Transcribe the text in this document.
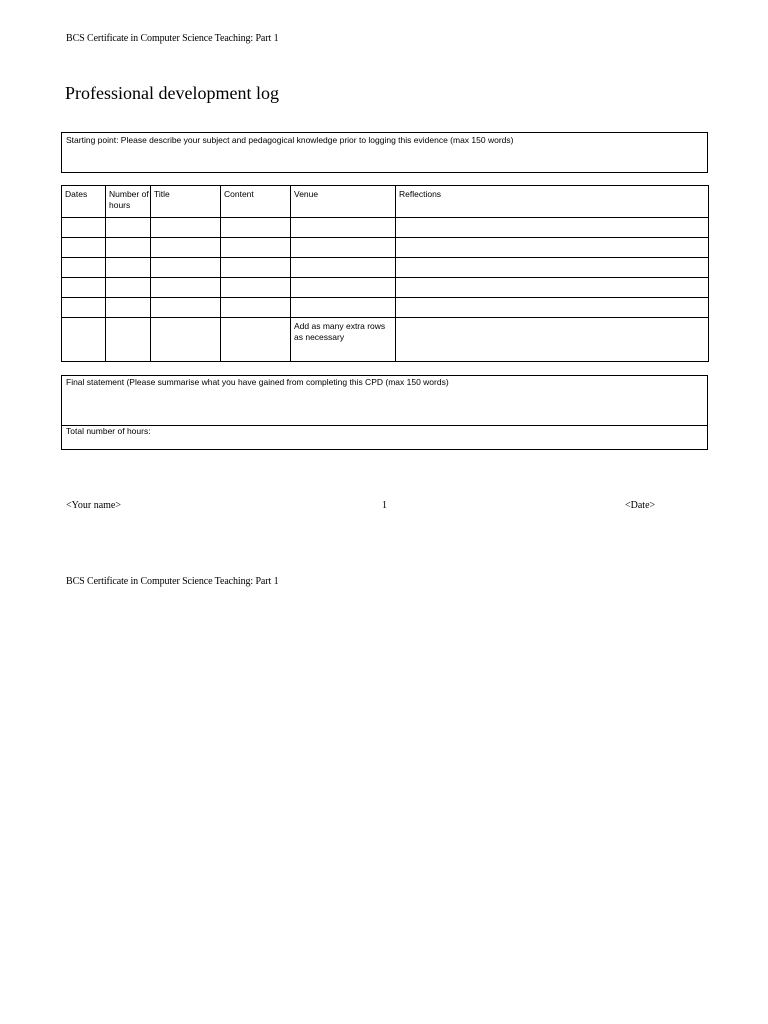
BCS Certificate in Computer Science Teaching: Part 1
Professional development log
Starting point: Please describe your subject and pedagogical knowledge prior to logging this evidence (max 150 words)
Dates	Number of hours	Title	Content	Venue	Reflections

				Add as many extra rows as necessary	
Final statement (Please summarise what you have gained from completing this CPD (max 150 words)
Total number of hours:
<Your name>	1	<Date>
BCS Certificate in Computer Science Teaching: Part 1
